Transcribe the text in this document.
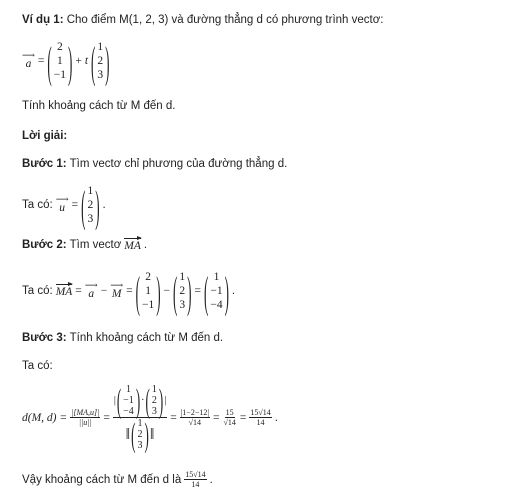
Ví dụ 1: Cho điểm M(1, 2, 3) và đường thẳng d có phương trình vectơ:
⟶
a = ( 2
1
−1 ) + t ( 1
2
3 )
Tính khoảng cách từ M đến d.
Lời giải:
Bước 1: Tìm vectơ chỉ phương của đường thẳng d.
Ta có:
⟶
u = ( 1
2
3 ) .
Bước 2: Tìm vectơ MA .
Ta có: MA =
⟶
a −
⟶
M = ( 2
1
−1 ) − ( 1
2
3 ) = ( 1
−1
−4 ) .
Bước 3: Tính khoảng cách từ M đến d.
Ta có:
d(M, $d) = \frac{|[MA,u]|}{||u||}$ = | ( 1
−1
−4 ) · ( 1
2
3 ) |
‖ ( 1
2
3 ) ‖ = $\frac{|1-2-12|}{√14} = \frac{15}{√14} = \frac{15√14}{14}$ .
Vậy khoảng cách từ M đến d là $\frac{15√14}{14}$ .
